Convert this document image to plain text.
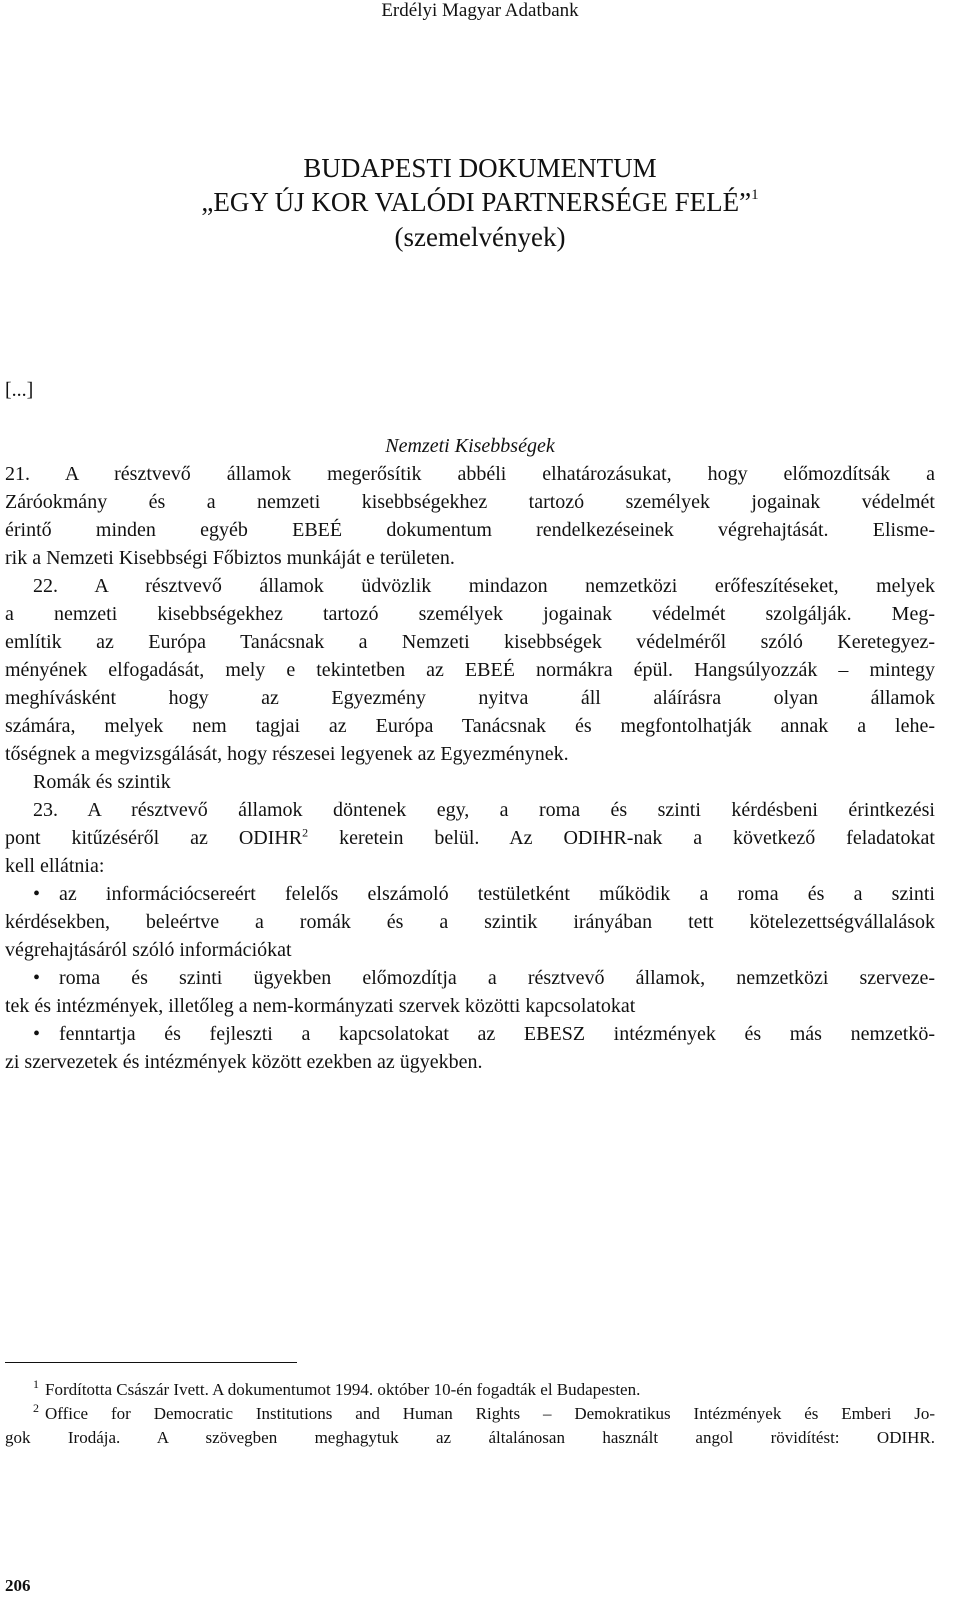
Erdélyi Magyar Adatbank
BUDAPESTI DOKUMENTUM
„EGY ÚJ KOR VALÓDI PARTNERSÉGE FELÉ”$^1$
(szemelvények)
[...]
Nemzeti Kisebbségek
21. A résztvevő államok megerősítik abbéli elhatározásukat, hogy előmozdítsák a
Záróokmány és a nemzeti kisebbségekhez tartozó személyek jogainak védelmét
érintő minden egyéb EBEÉ dokumentum rendelkezéseinek végrehajtását. Elisme-
rik a Nemzeti Kisebbségi Főbiztos munkáját e területen.
22. A résztvevő államok üdvözlik mindazon nemzetközi erőfeszítéseket, melyek
a nemzeti kisebbségekhez tartozó személyek jogainak védelmét szolgálják. Meg-
említik az Európa Tanácsnak a Nemzeti kisebbségek védelméről szóló Keretegyez-
ményének elfogadását, mely e tekintetben az EBEÉ normákra épül. Hangsúlyozzák – mintegy
meghívásként hogy az Egyezmény nyitva áll aláírásra olyan államok
számára, melyek nem tagjai az Európa Tanácsnak és megfontolhatják annak a lehe-
tőségnek a megvizsgálását, hogy részesei legyenek az Egyezménynek.
Romák és szintik
23. A résztvevő államok döntenek egy, a roma és szinti kérdésbeni érintkezési
pont kitűzéséről az ODIHR$^2$ keretein belül. Az ODIHR-nak a következő feladatokat
kell ellátnia:
• az információcsereért felelős elszámoló testületként működik a roma és a szinti
kérdésekben, beleértve a romák és a szintik irányában tett kötelezettségvállalások
végrehajtásáról szóló információkat
• roma és szinti ügyekben előmozdítja a résztvevő államok, nemzetközi szerveze-
tek és intézmények, illetőleg a nem-kormányzati szervek közötti kapcsolatokat
• fenntartja és fejleszti a kapcsolatokat az EBESZ intézmények és más nemzetkö-
zi szervezetek és intézmények között ezekben az ügyekben.
$^1$ Fordította Császár Ivett. A dokumentumot 1994. október 10-én fogadták el Budapesten.
$^2$ Office for Democratic Institutions and Human Rights – Demokratikus Intézmények és Emberi Jo-
gok Irodája. A szövegben meghagytuk az általánosan használt angol rövidítést: ODIHR.
206
